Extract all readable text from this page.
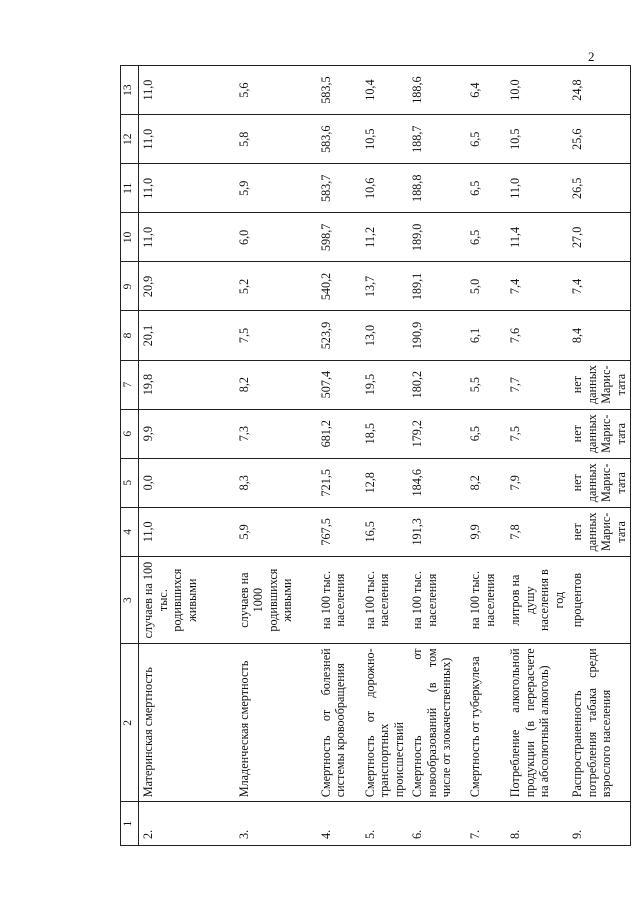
2
1	2	3	4	5	6	7	8	9	10	11	12	13
2.	Материнская смертность	случаев на 100 тыс. родившихся живыми	11,0	0,0	9,9	19,8	20,1	20,9	11,0	11,0	11,0	11,0
3.	Младенческая смертность	случаев на 1000 родившихся живыми	5,9	8,3	7,3	8,2	7,5	5,2	6,0	5,9	5,8	5,6
4.	Смертность от болезней системы кровообращения	на 100 тыс. населения	767,5	721,5	681,2	507,4	523,9	540,2	598,7	583,7	583,6	583,5
5.	Смертность от дорожно-транспортных происшествий	на 100 тыс. населения	16,5	12,8	18,5	19,5	13,0	13,7	11,2	10,6	10,5	10,4
6.	Смертность от новообразований (в том числе от злокачественных)	на 100 тыс. населения	191,3	184,6	179,2	180,2	190,9	189,1	189,0	188,8	188,7	188,6
7.	Смертность от туберкулеза	на 100 тыс. населения	9,9	8,2	6,5	5,5	6,1	5,0	6,5	6,5	6,5	6,4
8.	Потребление алкогольной продукции (в перерасчете на абсолютный алкоголь)	литров на душу населения в год	7,8	7,9	7,5	7,7	7,6	7,4	11,4	11,0	10,5	10,0
9.	Распространенность потребления табака среди взрослого населения	процентов	нет данных Марис-тата	нет данных Марис-тата	нет данных Марис-тата	нет данных Марис-тата	8,4	7,4	27,0	26,5	25,6	24,8
